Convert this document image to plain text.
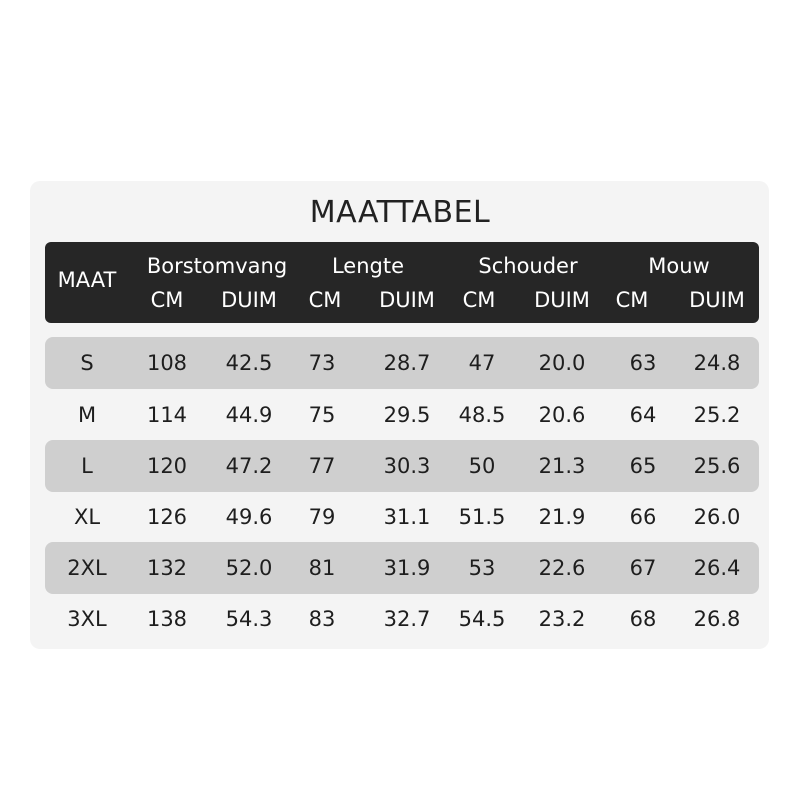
MAATTABEL
MAAT
Borstomvang Lengte	Schouder	Mouw
CM DUIM CM DUIM CM DUIM CM DUIM
S	108 42.5 73 28.7 47 20.0 63 24.8
M 114 44.9 75 29.5 48.5 20.6 64 25.2
L	120 47.2 77 30.3 50 21.3 65 25.6
XL 126 49.6 79 31.1 51.5 21.9 66 26.0
2XL 132 52.0 81 31.9 53 22.6 67 26.4
3XL 138 54.3 83 32.7 54.5 23.2 68 26.8
